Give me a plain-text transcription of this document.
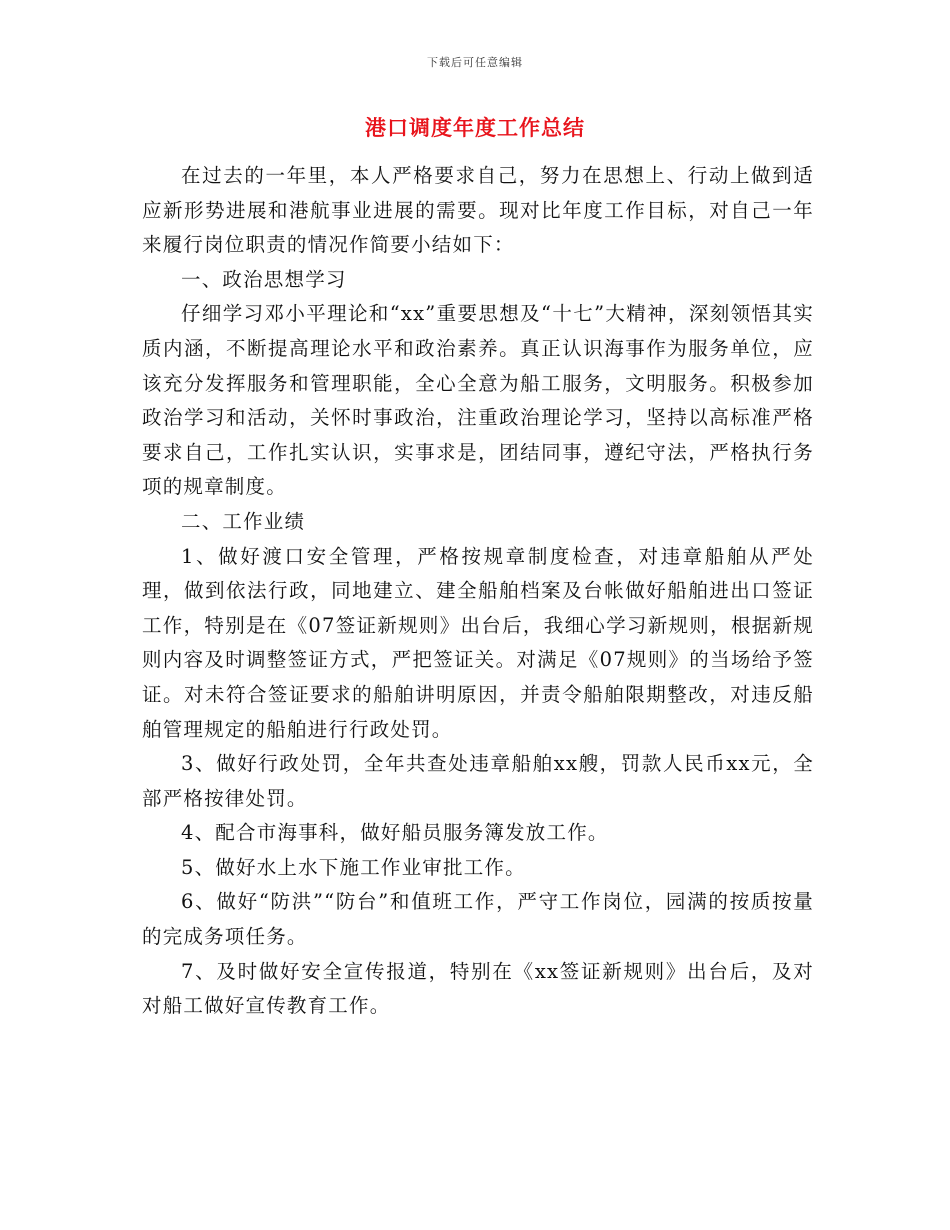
下载后可任意编辑
港口调度年度工作总结

在过去的一年里，本人严格要求自己，努力在思想上、行动上做到适应新形势进展和港航事业进展的需要。现对比年度工作目标，对自己一年来履行岗位职责的情况作简要小结如下：

一、政治思想学习

仔细学习邓小平理论和“xx”重要思想及“十七”大精神，深刻领悟其实质内涵，不断提高理论水平和政治素养。真正认识海事作为服务单位，应该充分发挥服务和管理职能，全心全意为船工服务，文明服务。积极参加政治学习和活动，关怀时事政治，注重政治理论学习，坚持以高标准严格要求自己，工作扎实认识，实事求是，团结同事，遵纪守法，严格执行务项的规章制度。

二、工作业绩

1、做好渡口安全管理，严格按规章制度检查，对违章船舶从严处理，做到依法行政，同地建立、建全船舶档案及台帐做好船舶进出口签证工作，特别是在《07签证新规则》出台后，我细心学习新规则，根据新规则内容及时调整签证方式，严把签证关。对满足《07规则》的当场给予签证。对未符合签证要求的船舶讲明原因，并责令船舶限期整改，对违反船舶管理规定的船舶进行行政处罚。

3、做好行政处罚，全年共查处违章船舶xx艘，罚款人民币xx元，全部严格按律处罚。

4、配合市海事科，做好船员服务簿发放工作。

5、做好水上水下施工作业审批工作。

6、做好“防洪”“防台”和值班工作，严守工作岗位，园满的按质按量的完成务项任务。

7、及时做好安全宣传报道，特别在《xx签证新规则》出台后，及对对船工做好宣传教育工作。
